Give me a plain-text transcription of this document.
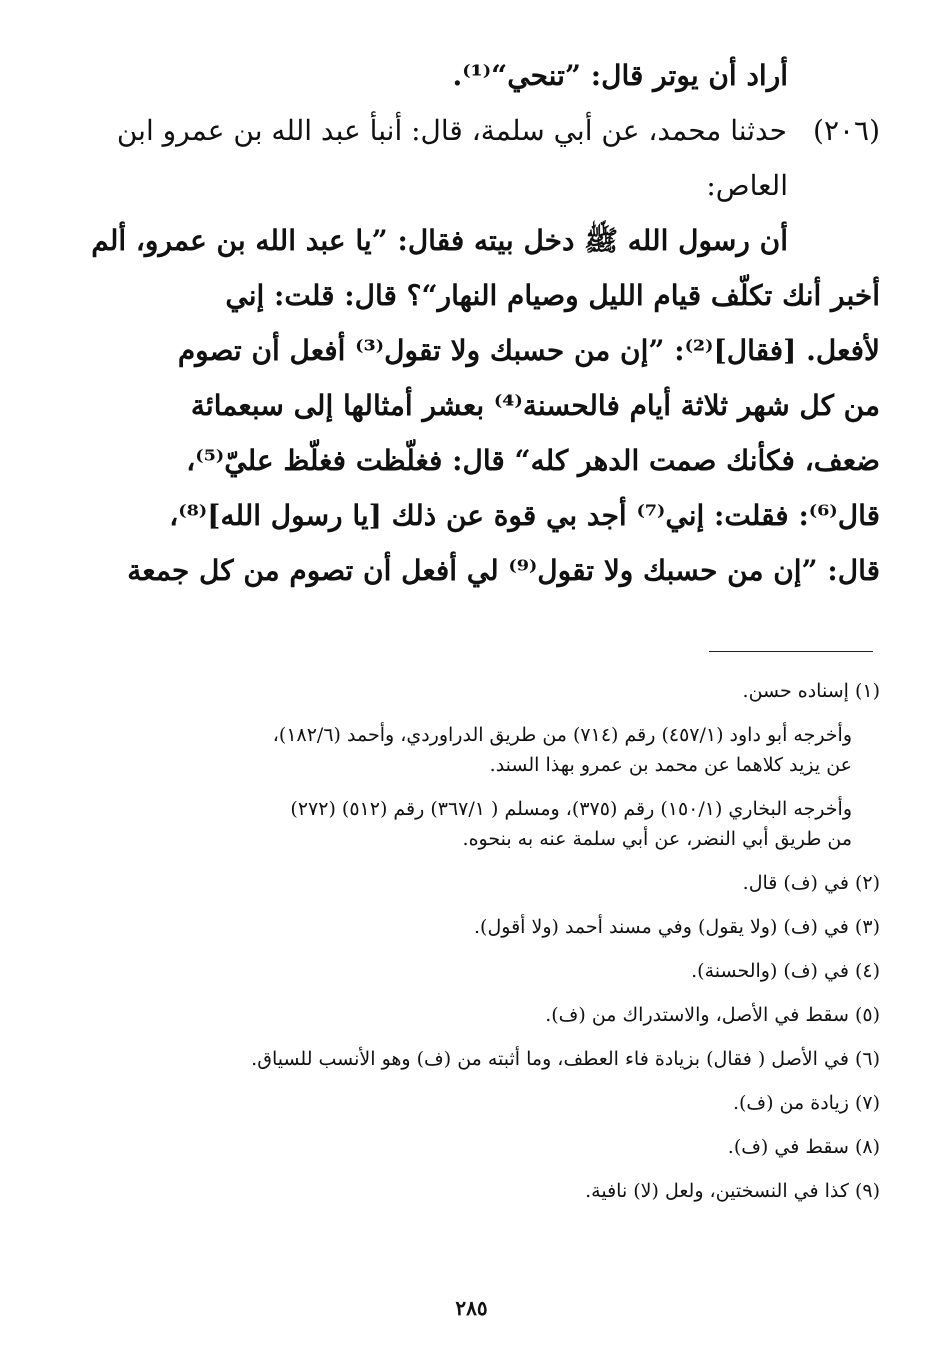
أراد أن يوتر قال: ”تنحي“⁽¹⁾.
(٢٠٦)حدثنا محمد، عن أبي سلمة، قال: أنبأ عبد الله بن عمرو ابن
العاص:
أن رسول الله ﷺ دخل بيته فقال: ”يا عبد الله بن عمرو، ألم
أخبر أنك تكلّف قيام الليل وصيام النهار“؟ قال: قلت: إني
لأفعل. [فقال]⁽²⁾: ”إن من حسبك ولا تقول⁽³⁾ أفعل أن تصوم
من كل شهر ثلاثة أيام فالحسنة⁽⁴⁾ بعشر أمثالها إلى سبعمائة
ضعف، فكأنك صمت الدهر كله“ قال: فغلّظت فغلّظ عليّ⁽⁵⁾،
قال⁽⁶⁾: فقلت: إني⁽⁷⁾ أجد بي قوة عن ذلك [يا رسول الله]⁽⁸⁾،
قال: ”إن من حسبك ولا تقول⁽⁹⁾ لي أفعل أن تصوم من كل جمعة
(١) إسناده حسن.
وأخرجه أبو داود (٤٥٧/١) رقم (٧١٤) من طريق الدراوردي، وأحمد (١٨٢/٦)،
عن يزيد كلاهما عن محمد بن عمرو بهذا السند.
وأخرجه البخاري (١٥٠/١) رقم (٣٧٥)، ومسلم ( ٣٦٧/١) رقم (٥١٢) (٢٧٢)
من طريق أبي النضر، عن أبي سلمة عنه به بنحوه.
(٢) في (ف) قال.
(٣) في (ف) (ولا يقول) وفي مسند أحمد (ولا أقول).
(٤) في (ف) (والحسنة).
(٥) سقط في الأصل، والاستدراك من (ف).
(٦) في الأصل ( فقال) بزيادة فاء العطف، وما أثبته من (ف) وهو الأنسب للسياق.
(٧) زيادة من (ف).
(٨) سقط في (ف).
(٩) كذا في النسختين، ولعل (لا) نافية.
٢٨٥
